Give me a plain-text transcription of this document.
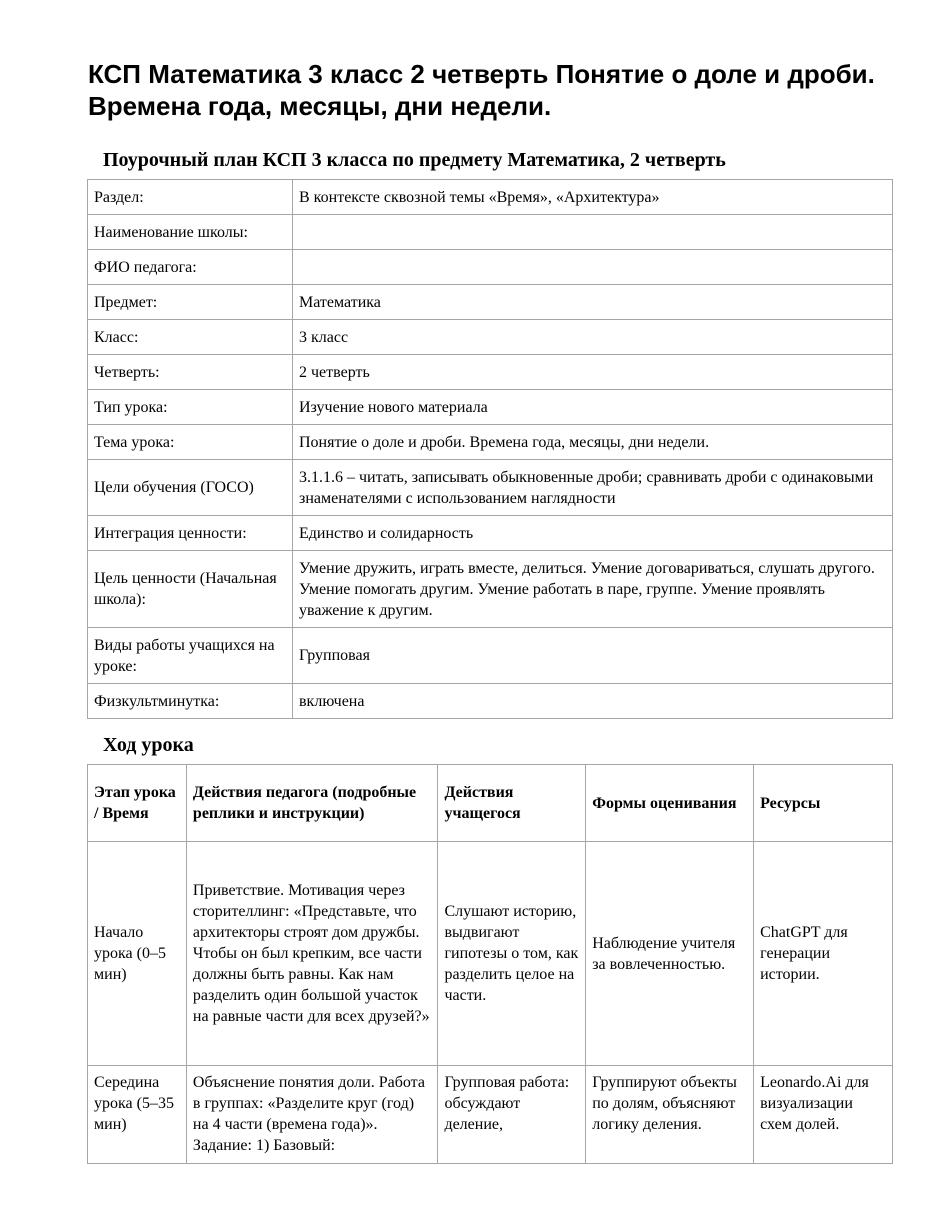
КСП Математика 3 класс 2 четверть Понятие о доле и дроби. Времена года, месяцы, дни недели.
Поурочный план КСП 3 класса по предмету Математика, 2 четверть
Раздел:	В контексте сквозной темы «Время», «Архитектура»
Наименование школы:	
ФИО педагога:	
Предмет:	Математика
Класс:	3 класс
Четверть:	2 четверть
Тип урока:	Изучение нового материала
Тема урока:	Понятие о доле и дроби. Времена года, месяцы, дни недели.
Цели обучения (ГОСО)	3.1.1.6 – читать, записывать обыкновенные дроби; сравнивать дроби с одинаковыми знаменателями с использованием наглядности
Интеграция ценности:	Единство и солидарность
Цель ценности (Начальная школа):	Умение дружить, играть вместе, делиться. Умение договариваться, слушать другого. Умение помогать другим. Умение работать в паре, группе. Умение проявлять уважение к другим.
Виды работы учащихся на уроке:	Групповая
Физкультминутка:	включена
Ход урока
Этап урока / Время	Действия педагога (подробные реплики и инструкции)	Действия учащегося	Формы оценивания	Ресурсы
Начало урока (0–5 мин)	Приветствие. Мотивация через сторителлинг: «Представьте, что архитекторы строят дом дружбы. Чтобы он был крепким, все части должны быть равны. Как нам разделить один большой участок на равные части для всех друзей?»	Слушают историю, выдвигают гипотезы о том, как разделить целое на части.	Наблюдение учителя за вовлеченностью.	ChatGPT для генерации истории.
Середина урока (5–35 мин)	Объяснение понятия доли. Работа в группах: «Разделите круг (год) на 4 части (времена года)». Задание: 1) Базовый:	Групповая работа: обсуждают деление,	Группируют объекты по долям, объясняют логику деления.	Leonardo.Ai для визуализации схем долей.
